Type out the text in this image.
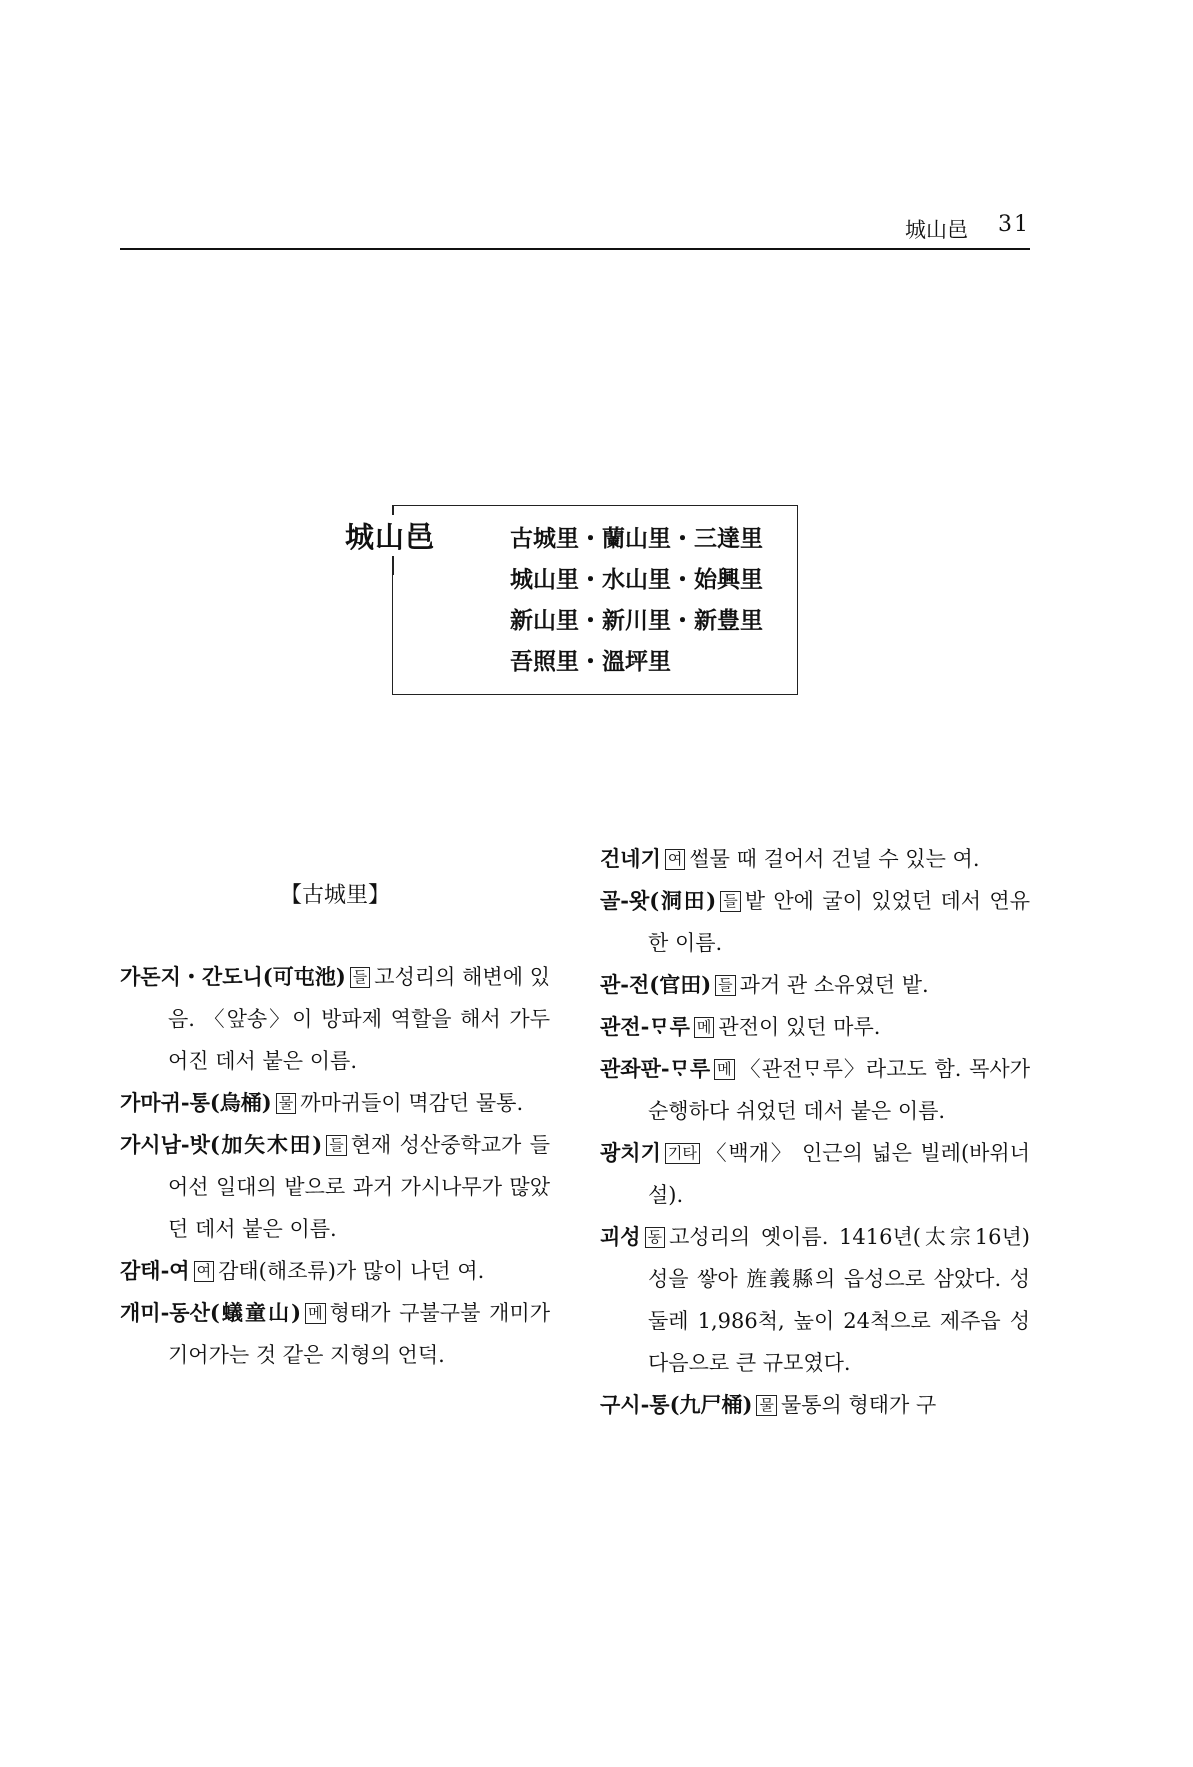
城山邑 31
城山邑	古城里・蘭山里・三達里
城山里・水山里・始興里
新山里・新川里・新豊里
吾照里・溫坪里
【古城里】

가돈지・간도니(可屯池) 들 고성리의 해변에 있음. 〈앞송〉이 방파제 역할을 해서 가두어진 데서 붙은 이름.

가마귀-통(烏桶) 물 까마귀들이 멱감던 물통.

가시남-밧(加矢木田) 들 현재 성산중학교가 들어선 일대의 밭으로 과거 가시나무가 많았던 데서 붙은 이름.

감태-여 여 감태(해조류)가 많이 나던 여.

개미-동산(蟻童山) 메 형태가 구불구불 개미가 기어가는 것 같은 지형의 언덕.

건네기 여 썰물 때 걸어서 건널 수 있는 여.

골-왓(洞田) 들 밭 안에 굴이 있었던 데서 연유한 이름.

관-전(官田) 들 과거 관 소유였던 밭.

관전-ᄆᆞ루 메 관전이 있던 마루.

관좌판-ᄆᆞ루 메 〈관전ᄆᆞ루〉라고도 함. 목사가 순행하다 쉬었던 데서 붙은 이름.

광치기 기타 〈백개〉 인근의 넓은 빌레(바위너설).

괴성 동 고성리의 옛이름. 1416년(太宗16년) 성을 쌓아 旌義縣의 읍성으로 삼았다. 성 둘레 1,986척, 높이 24척으로 제주읍 성 다음으로 큰 규모였다.

구시-통(九尸桶) 물 물통의 형태가 구
